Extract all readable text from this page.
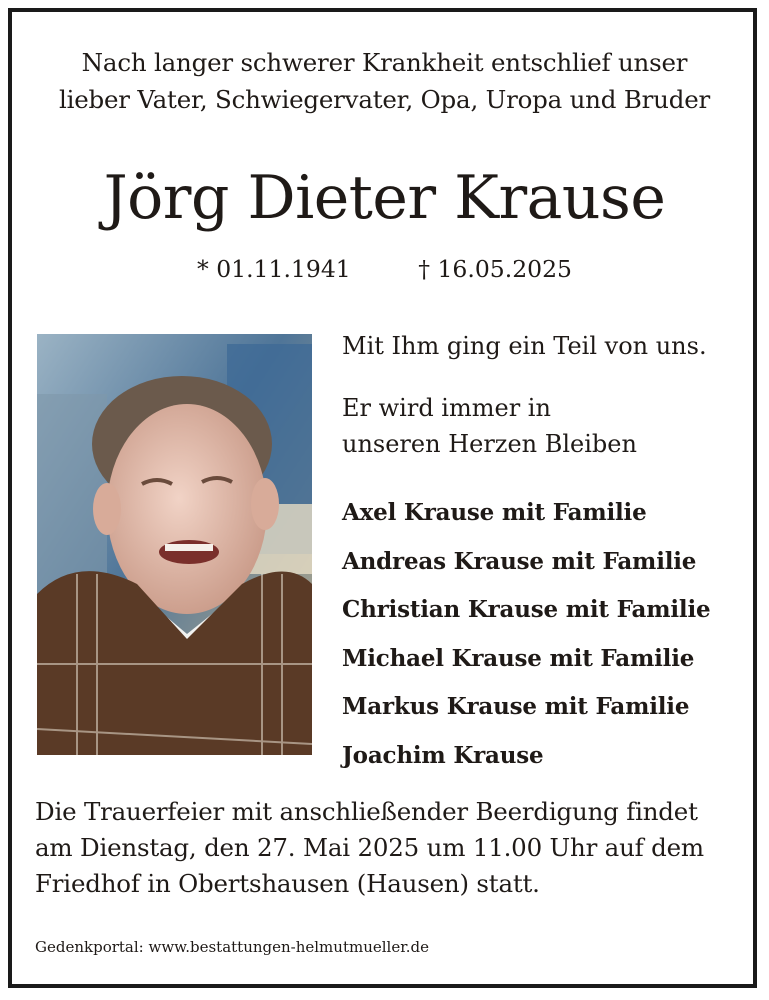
Nach langer schwerer Krankheit entschlief unser
lieber Vater, Schwiegervater, Opa, Uropa und Bruder
Jörg Dieter Krause
* 01.11.1941	† 16.05.2025
Mit Ihm ging ein Teil von uns.
Er wird immer in
unseren Herzen Bleiben
Axel Krause mit Familie
Andreas Krause mit Familie
Christian Krause mit Familie
Michael Krause mit Familie
Markus Krause mit Familie
Joachim Krause
Die Trauerfeier mit anschließender Beerdigung findet
am Dienstag, den 27. Mai 2025 um 11.00 Uhr auf dem
Friedhof in Obertshausen (Hausen) statt.
Gedenkportal: www.bestattungen-helmutmueller.de
